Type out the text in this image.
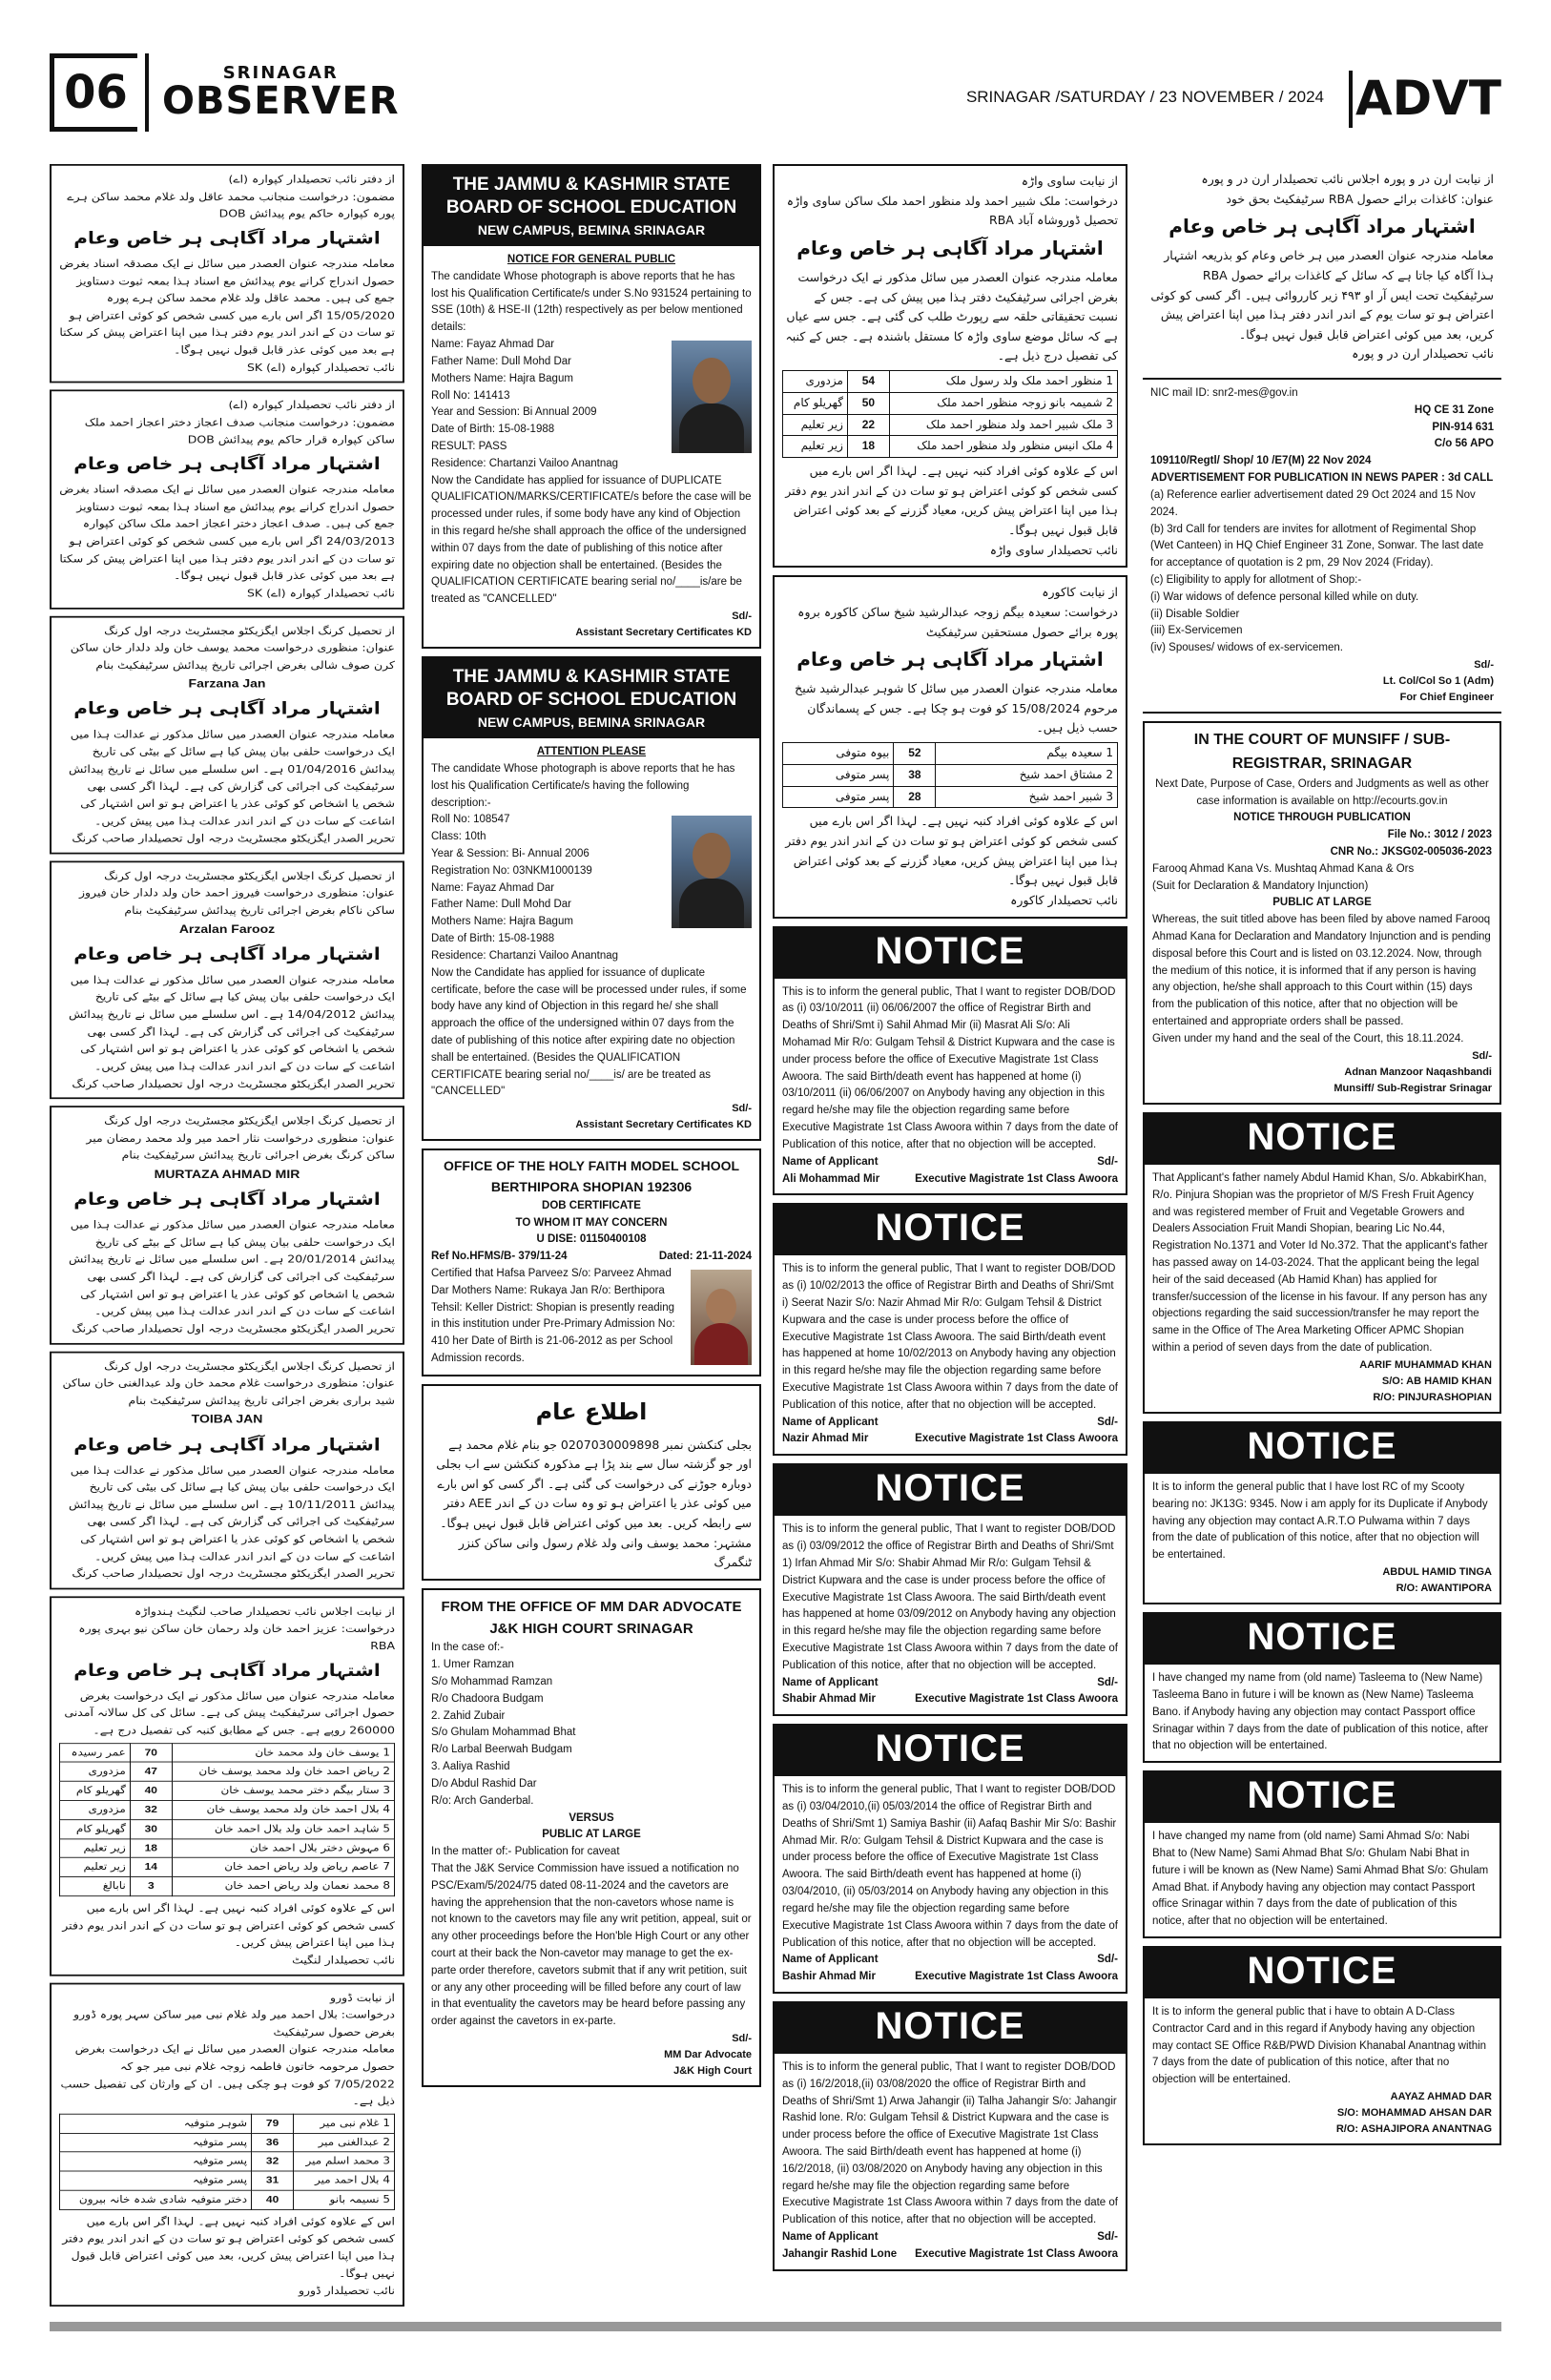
06	SRINAGAR
OBSERVER	SRINAGAR /SATURDAY / 23 NOVEMBER / 2024 ADVT
از دفتر نائب تحصیلدار کپوارہ (اے)
مضمون: درخواست منجانب محمد عاقل ولد غلام محمد ساکن ہرے پورہ کپوارہ حاکم یوم پیدائش DOB
اشتہار مراد آگاہی ہر خاص وعام
معاملہ مندرجہ عنوان العصدر میں سائل نے ایک مصدقہ اسناد بغرض حصول اندراج کرانے یوم پیدائش مع اسناد ہذا بمعہ ثبوت دستاویز جمع کی ہیں۔ محمد عاقل ولد غلام محمد ساکن ہرے پورہ 15/05/2020 اگر اس بارے میں کسی شخص کو کوئی اعتراض ہو تو سات دن کے اندر اندر یوم دفتر ہذا میں اپنا اعتراض پیش کر سکتا ہے بعد میں کوئی عذر قابل قبول نہیں ہوگا۔
نائب تحصیلدار کپوارہ (اے) SK
از دفتر نائب تحصیلدار کپوارہ (اے)
مضمون: درخواست منجانب صدف اعجاز دختر اعجاز احمد ملک ساکن کپوارہ قرار حاکم یوم پیدائش DOB
اشتہار مراد آگاہی ہر خاص وعام
معاملہ مندرجہ عنوان العصدر میں سائل نے ایک مصدقہ اسناد بغرض حصول اندراج کرانے یوم پیدائش مع اسناد ہذا بمعہ ثبوت دستاویز جمع کی ہیں۔ صدف اعجاز دختر اعجاز احمد ملک ساکن کپوارہ 24/03/2013 اگر اس بارے میں کسی شخص کو کوئی اعتراض ہو تو سات دن کے اندر اندر یوم دفتر ہذا میں اپنا اعتراض پیش کر سکتا ہے بعد میں کوئی عذر قابل قبول نہیں ہوگا۔
نائب تحصیلدار کپوارہ (اے) SK
از تحصیل کرنگ اجلاس ایگزیکٹو مجسٹریٹ درجہ اول کرنگ
عنوان: منظوری درخواست محمد یوسف خان ولد دلدار خان ساکن کرن صوف شالی بغرض اجرائی تاریخ پیدائش سرٹیفکیٹ بنام
Farzana Jan
اشتہار مراد آگاہی ہر خاص وعام
معاملہ مندرجہ عنوان العصدر میں سائل مذکور نے عدالت ہذا میں ایک درخواست حلفی بیان پیش کیا ہے سائل کے بیٹی کی تاریخ پیدائش 01/04/2016 ہے۔ اس سلسلے میں سائل نے تاریخ پیدائش سرٹیفکیٹ کی اجرائی کی گزارش کی ہے۔ لہذا اگر کسی بھی شخص یا اشخاص کو کوئی عذر یا اعتراض ہو تو اس اشتہار کی اشاعت کے سات دن کے اندر اندر عدالت ہذا میں پیش کریں۔
تحریر الصدر ایگزیکٹو مجسٹریٹ درجہ اول تحصیلدار صاحب کرنگ
از تحصیل کرنگ اجلاس ایگزیکٹو مجسٹریٹ درجہ اول کرنگ
عنوان: منظوری درخواست فیروز احمد خان ولد دلدار خان فیروز ساکن ناکام بغرض اجرائی تاریخ پیدائش سرٹیفکیٹ بنام
Arzalan Farooz
اشتہار مراد آگاہی ہر خاص وعام
معاملہ مندرجہ عنوان العصدر میں سائل مذکور نے عدالت ہذا میں ایک درخواست حلفی بیان پیش کیا ہے سائل کے بیٹے کی تاریخ پیدائش 14/04/2012 ہے۔ اس سلسلے میں سائل نے تاریخ پیدائش سرٹیفکیٹ کی اجرائی کی گزارش کی ہے۔ لہذا اگر کسی بھی شخص یا اشخاص کو کوئی عذر یا اعتراض ہو تو اس اشتہار کی اشاعت کے سات دن کے اندر اندر عدالت ہذا میں پیش کریں۔
تحریر الصدر ایگزیکٹو مجسٹریٹ درجہ اول تحصیلدار صاحب کرنگ
از تحصیل کرنگ اجلاس ایگزیکٹو مجسٹریٹ درجہ اول کرنگ
عنوان: منظوری درخواست نثار احمد میر ولد محمد رمضان میر ساکن کرنگ بغرض اجرائی تاریخ پیدائش سرٹیفکیٹ بنام
MURTAZA AHMAD MIR
اشتہار مراد آگاہی ہر خاص وعام
معاملہ مندرجہ عنوان العصدر میں سائل مذکور نے عدالت ہذا میں ایک درخواست حلفی بیان پیش کیا ہے سائل کے بیٹے کی تاریخ پیدائش 20/01/2014 ہے۔ اس سلسلے میں سائل نے تاریخ پیدائش سرٹیفکیٹ کی اجرائی کی گزارش کی ہے۔ لہذا اگر کسی بھی شخص یا اشخاص کو کوئی عذر یا اعتراض ہو تو اس اشتہار کی اشاعت کے سات دن کے اندر اندر عدالت ہذا میں پیش کریں۔
تحریر الصدر ایگزیکٹو مجسٹریٹ درجہ اول تحصیلدار صاحب کرنگ
از تحصیل کرنگ اجلاس ایگزیکٹو مجسٹریٹ درجہ اول کرنگ
عنوان: منظوری درخواست غلام محمد خان ولد عبدالغنی خان ساکن شید براری بغرض اجرائی تاریخ پیدائش سرٹیفکیٹ بنام
TOIBA JAN
اشتہار مراد آگاہی ہر خاص وعام
معاملہ مندرجہ عنوان العصدر میں سائل مذکور نے عدالت ہذا میں ایک درخواست حلفی بیان پیش کیا ہے سائل کی بیٹی کی تاریخ پیدائش 10/11/2011 ہے۔ اس سلسلے میں سائل نے تاریخ پیدائش سرٹیفکیٹ کی اجرائی کی گزارش کی ہے۔ لہذا اگر کسی بھی شخص یا اشخاص کو کوئی عذر یا اعتراض ہو تو اس اشتہار کی اشاعت کے سات دن کے اندر اندر عدالت ہذا میں پیش کریں۔
تحریر الصدر ایگزیکٹو مجسٹریٹ درجہ اول تحصیلدار صاحب کرنگ
از نیابت اجلاس نائب تحصیلدار صاحب لنگیٹ ہندواڑہ
درخواست: عزیز احمد خان ولد رحمان خان ساکن نیو بہری پورہ RBA
اشتہار مراد آگاہی ہر خاص وعام
معاملہ مندرجہ عنوان میں سائل مذکور نے ایک درخواست بغرض حصول اجرائی سرٹیفکیٹ پیش کی ہے۔ سائل کی کل سالانہ آمدنی 260000 روپے ہے۔ جس کے مطابق کنبہ کی تفصیل درج ہے۔
1 یوسف خان ولد محمد خان	70	عمر رسیدہ
2 ریاض احمد خان ولد محمد یوسف خان	47	مزدوری
3 ستار بیگم دختر محمد یوسف خان	40	گھریلو کام
4 بلال احمد خان ولد محمد یوسف خان	32	مزدوری
5 شاہد احمد خان ولد بلال احمد خان	30	گھریلو کام
6 مہوش دختر بلال احمد خان	18	زیر تعلیم
7 عاصم ریاض ولد ریاض احمد خان	14	زیر تعلیم
8 محمد نعمان ولد ریاض احمد خان	3	نابالغ
اس کے علاوہ کوئی افراد کنبہ نہیں ہے۔ لہذا اگر اس بارے میں کسی شخص کو کوئی اعتراض ہو تو سات دن کے اندر اندر یوم دفتر ہذا میں اپنا اعتراض پیش کریں۔
نائب تحصیلدار لنگیٹ
از نیابت ڈورو
درخواست: بلال احمد میر ولد غلام نبی میر ساکن سہر پورہ ڈورو بغرض حصول سرٹیفکیٹ
معاملہ مندرجہ عنوان العصدر میں سائل نے ایک درخواست بغرض حصول مرحومہ خاتون فاطمہ زوجہ غلام نبی میر جو کہ 7/05/2022 کو فوت ہو چکی ہیں۔ ان کے وارثان کی تفصیل حسب ذیل ہے۔
1 غلام نبی میر	79	شوہر متوفیہ
2 عبدالغنی میر	36	پسر متوفیہ
3 محمد اسلم میر	32	پسر متوفیہ
4 بلال احمد میر	31	پسر متوفیہ
5 نسیمہ بانو	40	دختر متوفیہ شادی شدہ خانہ بیرون
اس کے علاوہ کوئی افراد کنبہ نہیں ہے۔ لہذا اگر اس بارے میں کسی شخص کو کوئی اعتراض ہو تو سات دن کے اندر اندر یوم دفتر ہذا میں اپنا اعتراض پیش کریں، بعد میں کوئی اعتراض قابل قبول نہیں ہوگا۔
نائب تحصیلدار ڈورو
THE JAMMU & KASHMIR STATE BOARD OF SCHOOL EDUCATION
NEW CAMPUS, BEMINA SRINAGAR
NOTICE FOR GENERAL PUBLIC
The candidate Whose photograph is above reports that he has lost his Qualification Certificate/s under S.No 931524 pertaining to SSE (10th) & HSE-II (12th) respectively as per below mentioned details:
Name: Fayaz Ahmad Dar
Father Name: Dull Mohd Dar
Mothers Name: Hajra Bagum
Roll No: 141413
Year and Session: Bi Annual 2009
Date of Birth: 15-08-1988
RESULT: PASS
Residence: Chartanzi Vailoo Anantnag
Now the Candidate has applied for issuance of DUPLICATE QUALIFICATION/MARKS/CERTIFICATE/s before the case will be processed under rules, if some body have any kind of Objection in this regard he/she shall approach the office of the undersigned within 07 days from the date of publishing of this notice after expiring date no objection shall be entertained. (Besides the QUALIFICATION CERTIFICATE bearing serial no/____is/are be treated as "CANCELLED"
Sd/-
Assistant Secretary Certificates KD
THE JAMMU & KASHMIR STATE BOARD OF SCHOOL EDUCATION
NEW CAMPUS, BEMINA SRINAGAR
ATTENTION PLEASE
The candidate Whose photograph is above reports that he has lost his Qualification Certificate/s having the following description:-
Roll No: 108547
Class: 10th
Year & Session: Bi- Annual 2006
Registration No: 03NKM1000139
Name: Fayaz Ahmad Dar
Father Name: Dull Mohd Dar
Mothers Name: Hajra Bagum
Date of Birth: 15-08-1988
Residence: Chartanzi Vailoo Anantnag
Now the Candidate has applied for issuance of duplicate certificate, before the case will be processed under rules, if some body have any kind of Objection in this regard he/ she shall approach the office of the undersigned within 07 days from the date of publishing of this notice after expiring date no objection shall be entertained. (Besides the QUALIFICATION CERTIFICATE bearing serial no/____is/ are be treated as "CANCELLED"
Sd/-
Assistant Secretary Certificates KD
OFFICE OF THE HOLY FAITH MODEL SCHOOL BERTHIPORA SHOPIAN 192306
DOB CERTIFICATE
TO WHOM IT MAY CONCERN
U DISE: 01150400108
Ref No.HFMS/B- 379/11-24	Dated: 21-11-2024
Certified that Hafsa Parveez S/o: Parveez Ahmad Dar Mothers Name: Rukaya Jan R/o: Berthipora Tehsil: Keller District: Shopian is presently reading in this institution under Pre-Primary Admission No: 410 her Date of Birth is 21-06-2012 as per School Admission records.
اطلاع عام
بجلی کنکشن نمبر 0207030009898 جو بنام غلام محمد ہے اور جو گزشتہ سال سے بند پڑا ہے مذکورہ کنکشن سے اب بجلی دوبارہ جوڑنے کی درخواست کی گئی ہے۔ اگر کسی کو اس بارے میں کوئی عذر یا اعتراض ہو تو وہ سات دن کے اندر AEE دفتر سے رابطہ کریں۔ بعد میں کوئی اعتراض قابل قبول نہیں ہوگا۔
مشتہر: محمد یوسف وانی ولد غلام رسول وانی ساکن کنزر ٹنگمرگ
FROM THE OFFICE OF MM DAR ADVOCATE J&K HIGH COURT SRINAGAR
In the case of:-
1. Umer Ramzan
S/o Mohammad Ramzan
R/o Chadoora Budgam
2. Zahid Zubair
S/o Ghulam Mohammad Bhat
R/o Larbal Beerwah Budgam
3. Aaliya Rashid
D/o Abdul Rashid Dar
R/o: Arch Ganderbal.
VERSUS
PUBLIC AT LARGE
In the matter of:- Publication for caveat
That the J&K Service Commission have issued a notification no PSC/Exam/5/2024/75 dated 08-11-2024 and the cavetors are having the apprehension that the non-cavetors whose name is not known to the cavetors may file any writ petition, appeal, suit or any other proceedings before the Hon'ble High Court or any other court at their back the Non-cavetor may manage to get the ex-parte order therefore, cavetors submit that if any writ petition, suit or any any other proceeding will be filled before any court of law in that eventuality the cavetors may be heard before passing any order against the cavetors in ex-parte.
Sd/-
MM Dar Advocate
J&K High Court
از نیابت ساوی واڑہ
درخواست: ملک شبیر احمد ولد منظور احمد ملک ساکن ساوی واڑہ تحصیل ڈوروشاہ آباد RBA
اشتہار مراد آگاہی ہر خاص وعام
معاملہ مندرجہ عنوان العصدر میں سائل مذکور نے ایک درخواست بغرض اجرائی سرٹیفکیٹ دفتر ہذا میں پیش کی ہے۔ جس کے نسبت تحقیقاتی حلقہ سے رپورٹ طلب کی گئی ہے۔ جس سے عیاں ہے کہ سائل موضع ساوی واڑہ کا مستقل باشندہ ہے۔ جس کے کنبہ کی تفصیل درج ذیل ہے۔
1 منظور احمد ملک ولد رسول ملک	54	مزدوری
2 شمیمہ بانو زوجہ منظور احمد ملک	50	گھریلو کام
3 ملک شبیر احمد ولد منظور احمد ملک	22	زیر تعلیم
4 ملک انیس منظور ولد منظور احمد ملک	18	زیر تعلیم
اس کے علاوہ کوئی افراد کنبہ نہیں ہے۔ لہذا اگر اس بارے میں کسی شخص کو کوئی اعتراض ہو تو سات دن کے اندر اندر یوم دفتر ہذا میں اپنا اعتراض پیش کریں، معیاد گزرنے کے بعد کوئی اعتراض قابل قبول نہیں ہوگا۔
نائب تحصیلدار ساوی واڑہ
از نیابت کاکورہ
درخواست: سعیدہ بیگم زوجہ عبدالرشید شیخ ساکن کاکورہ بروہ پورہ برائے حصول مستحقین سرٹیفکیٹ
اشتہار مراد آگاہی ہر خاص وعام
معاملہ مندرجہ عنوان العصدر میں سائل کا شوہر عبدالرشید شیخ مرحوم 15/08/2024 کو فوت ہو چکا ہے۔ جس کے پسماندگان حسب ذیل ہیں۔
1 سعیدہ بیگم	52	بیوہ متوفی
2 مشتاق احمد شیخ	38	پسر متوفی
3 شبیر احمد شیخ	28	پسر متوفی
اس کے علاوہ کوئی افراد کنبہ نہیں ہے۔ لہذا اگر اس بارے میں کسی شخص کو کوئی اعتراض ہو تو سات دن کے اندر اندر یوم دفتر ہذا میں اپنا اعتراض پیش کریں، معیاد گزرنے کے بعد کوئی اعتراض قابل قبول نہیں ہوگا۔
نائب تحصیلدار کاکورہ
NOTICE
This is to inform the general public, That I want to register DOB/DOD as (i) 03/10/2011 (ii) 06/06/2007 the office of Registrar Birth and Deaths of Shri/Smt i) Sahil Ahmad Mir (ii) Masrat Ali S/o: Ali Mohamad Mir R/o: Gulgam Tehsil & District Kupwara and the case is under process before the office of Executive Magistrate 1st Class Awoora. The said Birth/death event has happened at home (i) 03/10/2011 (ii) 06/06/2007 on Anybody having any objection in this regard he/she may file the objection regarding same before Executive Magistrate 1st Class Awoora within 7 days from the date of Publication of this notice, after that no objection will be accepted.
Name of Applicant	Sd/-
Ali Mohammad Mir	Executive Magistrate 1st Class Awoora
NOTICE
This is to inform the general public, That I want to register DOB/DOD as (i) 10/02/2013 the office of Registrar Birth and Deaths of Shri/Smt i) Seerat Nazir S/o: Nazir Ahmad Mir R/o: Gulgam Tehsil & District Kupwara and the case is under process before the office of Executive Magistrate 1st Class Awoora. The said Birth/death event has happened at home 10/02/2013 on Anybody having any objection in this regard he/she may file the objection regarding same before Executive Magistrate 1st Class Awoora within 7 days from the date of Publication of this notice, after that no objection will be accepted.
Name of Applicant	Sd/-
Nazir Ahmad Mir	Executive Magistrate 1st Class Awoora
NOTICE
This is to inform the general public, That I want to register DOB/DOD as (i) 03/09/2012 the office of Registrar Birth and Deaths of Shri/Smt 1) Irfan Ahmad Mir S/o: Shabir Ahmad Mir R/o: Gulgam Tehsil & District Kupwara and the case is under process before the office of Executive Magistrate 1st Class Awoora. The said Birth/death event has happened at home 03/09/2012 on Anybody having any objection in this regard he/she may file the objection regarding same before Executive Magistrate 1st Class Awoora within 7 days from the date of Publication of this notice, after that no objection will be accepted.
Name of Applicant	Sd/-
Shabir Ahmad Mir	Executive Magistrate 1st Class Awoora
NOTICE
This is to inform the general public, That I want to register DOB/DOD as (i) 03/04/2010,(ii) 05/03/2014 the office of Registrar Birth and Deaths of Shri/Smt 1) Samiya Bashir (ii) Aafaq Bashir Mir S/o: Bashir Ahmad Mir. R/o: Gulgam Tehsil & District Kupwara and the case is under process before the office of Executive Magistrate 1st Class Awoora. The said Birth/death event has happened at home (i) 03/04/2010, (ii) 05/03/2014 on Anybody having any objection in this regard he/she may file the objection regarding same before Executive Magistrate 1st Class Awoora within 7 days from the date of Publication of this notice, after that no objection will be accepted.
Name of Applicant	Sd/-
Bashir Ahmad Mir	Executive Magistrate 1st Class Awoora
NOTICE
This is to inform the general public, That I want to register DOB/DOD as (i) 16/2/2018,(ii) 03/08/2020 the office of Registrar Birth and Deaths of Shri/Smt 1) Arwa Jahangir (ii) Talha Jahangir S/o: Jahangir Rashid lone. R/o: Gulgam Tehsil & District Kupwara and the case is under process before the office of Executive Magistrate 1st Class Awoora. The said Birth/death event has happened at home (i) 16/2/2018, (ii) 03/08/2020 on Anybody having any objection in this regard he/she may file the objection regarding same before Executive Magistrate 1st Class Awoora within 7 days from the date of Publication of this notice, after that no objection will be accepted.
Name of Applicant	Sd/-
Jahangir Rashid Lone Executive Magistrate 1st Class Awoora
از نیابت ارن در و پورہ اجلاس نائب تحصیلدار ارن در و پورہ
عنوان: کاغذات برائے حصول RBA سرٹیفکیٹ بحق خود
اشتہار مراد آگاہی ہر خاص وعام
معاملہ مندرجہ عنوان العصدر میں ہر خاص وعام کو بذریعہ اشتہار ہذا آگاہ کیا جاتا ہے کہ سائل کے کاغذات برائے حصول RBA سرٹیفکیٹ تحت ایس آر او ۴۹۳ زیر کارروائی ہیں۔ اگر کسی کو کوئی اعتراض ہو تو سات یوم کے اندر اندر دفتر ہذا میں اپنا اعتراض پیش کریں، بعد میں کوئی اعتراض قابل قبول نہیں ہوگا۔
نائب تحصیلدار ارن در و پورہ
NIC mail ID: snr2-mes@gov.in
HQ CE 31 Zone
PIN-914 631
C/o 56 APO
109110/Regtl/ Shop/ 10 /E7(M) 22 Nov 2024
ADVERTISEMENT FOR PUBLICATION IN NEWS PAPER : 3d CALL
(a) Reference earlier advertisement dated 29 Oct 2024 and 15 Nov 2024.
(b) 3rd Call for tenders are invites for allotment of Regimental Shop (Wet Canteen) in HQ Chief Engineer 31 Zone, Sonwar. The last date for acceptance of quotation is 2 pm, 29 Nov 2024 (Friday).
(c) Eligibility to apply for allotment of Shop:-
(i) War widows of defence personal killed while on duty.
(ii) Disable Soldier
(iii) Ex-Servicemen
(iv) Spouses/ widows of ex-servicemen.
Sd/-
Lt. Col/Col So 1 (Adm)
For Chief Engineer
IN THE COURT OF MUNSIFF / SUB-REGISTRAR, SRINAGAR
Next Date, Purpose of Case, Orders and Judgments as well as other case information is available on http://ecourts.gov.in
NOTICE THROUGH PUBLICATION
File No.: 3012 / 2023
CNR No.: JKSG02-005036-2023
Farooq Ahmad Kana Vs. Mushtaq Ahmad Kana & Ors
(Suit for Declaration & Mandatory Injunction)
PUBLIC AT LARGE
Whereas, the suit titled above has been filed by above named Farooq Ahmad Kana for Declaration and Mandatory Injunction and is pending disposal before this Court and is listed on 03.12.2024. Now, through the medium of this notice, it is informed that if any person is having any objection, he/she shall approach to this Court within (15) days from the publication of this notice, after that no objection will be entertained and appropriate orders shall be passed.
Given under my hand and the seal of the Court, this 18.11.2024.
Sd/-
Adnan Manzoor Naqashbandi
Munsiff/ Sub-Registrar Srinagar
NOTICE
That Applicant's father namely Abdul Hamid Khan, S/o. AbkabirKhan, R/o. Pinjura Shopian was the proprietor of M/S Fresh Fruit Agency and was registered member of Fruit and Vegetable Growers and Dealers Association Fruit Mandi Shopian, bearing Lic No.44, Registration No.1371 and Voter Id No.372. That the applicant's father has passed away on 14-03-2024. That the applicant being the legal heir of the said deceased (Ab Hamid Khan) has applied for transfer/succession of the license in his favour. If any person has any objections regarding the said succession/transfer he may report the same in the Office of The Area Marketing Officer APMC Shopian within a period of seven days from the date of publication.
AARIF MUHAMMAD KHAN
S/O: AB HAMID KHAN
R/O: PINJURASHOPIAN
NOTICE
It is to inform the general public that I have lost RC of my Scooty bearing no: JK13G: 9345. Now i am apply for its Duplicate if Anybody having any objection may contact A.R.T.O Pulwama within 7 days from the date of publication of this notice, after that no objection will be entertained.
ABDUL HAMID TINGA
R/O: AWANTIPORA
NOTICE
I have changed my name from (old name) Tasleema to (New Name) Tasleema Bano in future i will be known as (New Name) Tasleema Bano. if Anybody having any objection may contact Passport office Srinagar within 7 days from the date of publication of this notice, after that no objection will be entertained.
NOTICE
I have changed my name from (old name) Sami Ahmad S/o: Nabi Bhat to (New Name) Sami Ahmad Bhat S/o: Ghulam Nabi Bhat in future i will be known as (New Name) Sami Ahmad Bhat S/o: Ghulam Amad Bhat. if Anybody having any objection may contact Passport office Srinagar within 7 days from the date of publication of this notice, after that no objection will be entertained.
NOTICE
It is to inform the general public that i have to obtain A D-Class Contractor Card and in this regard if Anybody having any objection may contact SE Office R&B/PWD Division Khanabal Anantnag within 7 days from the date of publication of this notice, after that no objection will be entertained.
AAYAZ AHMAD DAR
S/O: MOHAMMAD AHSAN DAR
R/O: ASHAJIPORA ANANTNAG
